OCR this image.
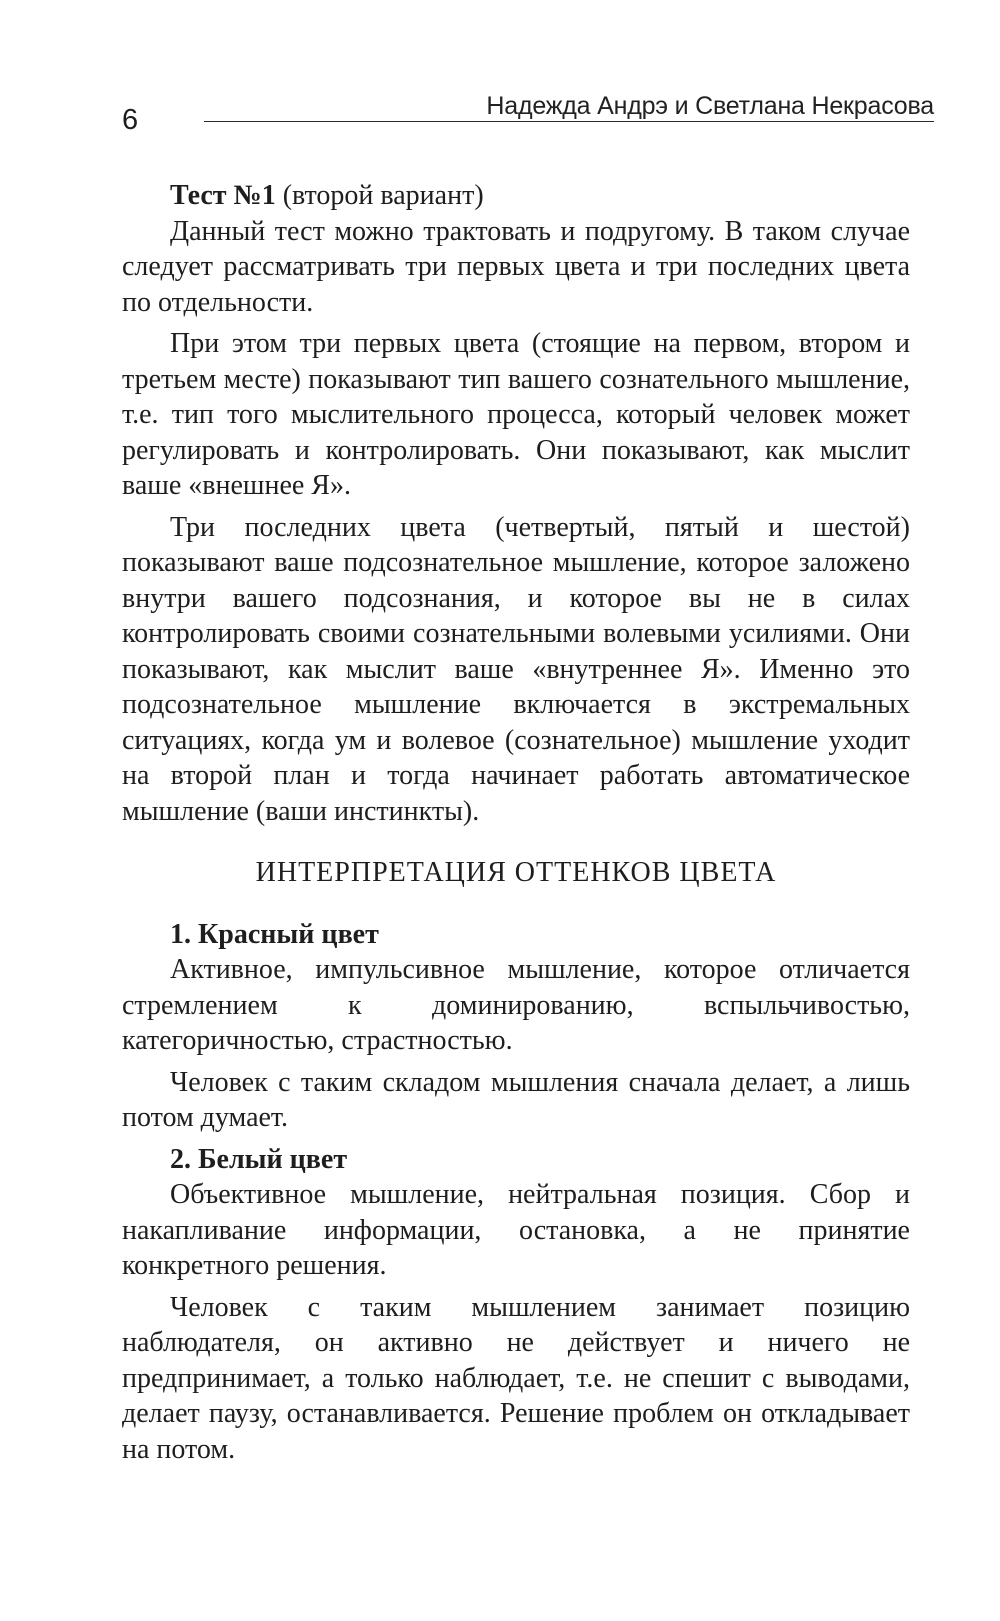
6	Надежда Андрэ и Светлана Некрасова
Тест №1 (второй вариант)

Данный тест можно трактовать и подругому. В таком случае следует рассматривать три первых цвета и три последних цвета по отдельности.

При этом три первых цвета (стоящие на первом, втором и третьем месте) показывают тип вашего сознательного мышление, т.е. тип того мыслительного процесса, который человек может регулировать и контролировать. Они показывают, как мыслит ваше «внешнее Я».

Три последних цвета (четвертый, пятый и шестой) показывают ваше подсознательное мышление, которое заложено внутри вашего подсознания, и которое вы не в силах контролировать своими сознательными волевыми усилиями. Они показывают, как мыслит ваше «внутреннее Я». Именно это подсознательное мышление включается в экстремальных ситуациях, когда ум и волевое (сознательное) мышление уходит на второй план и тогда начинает работать автоматическое мышление (ваши инстинкты).

ИНТЕРПРЕТАЦИЯ ОТТЕНКОВ ЦВЕТА
1. Красный цвет

Активное, импульсивное мышление, которое отличается стремлением к доминированию, вспыльчивостью, категоричностью, страстностью.

Человек с таким складом мышления сначала делает, а лишь потом думает.

2. Белый цвет

Объективное мышление, нейтральная позиция. Сбор и накапливание информации, остановка, а не принятие конкретного решения.

Человек с таким мышлением занимает позицию наблюдателя, он активно не действует и ничего не предпринимает, а только наблюдает, т.е. не спешит с выводами, делает паузу, останавливается. Решение проблем он откладывает на потом.
